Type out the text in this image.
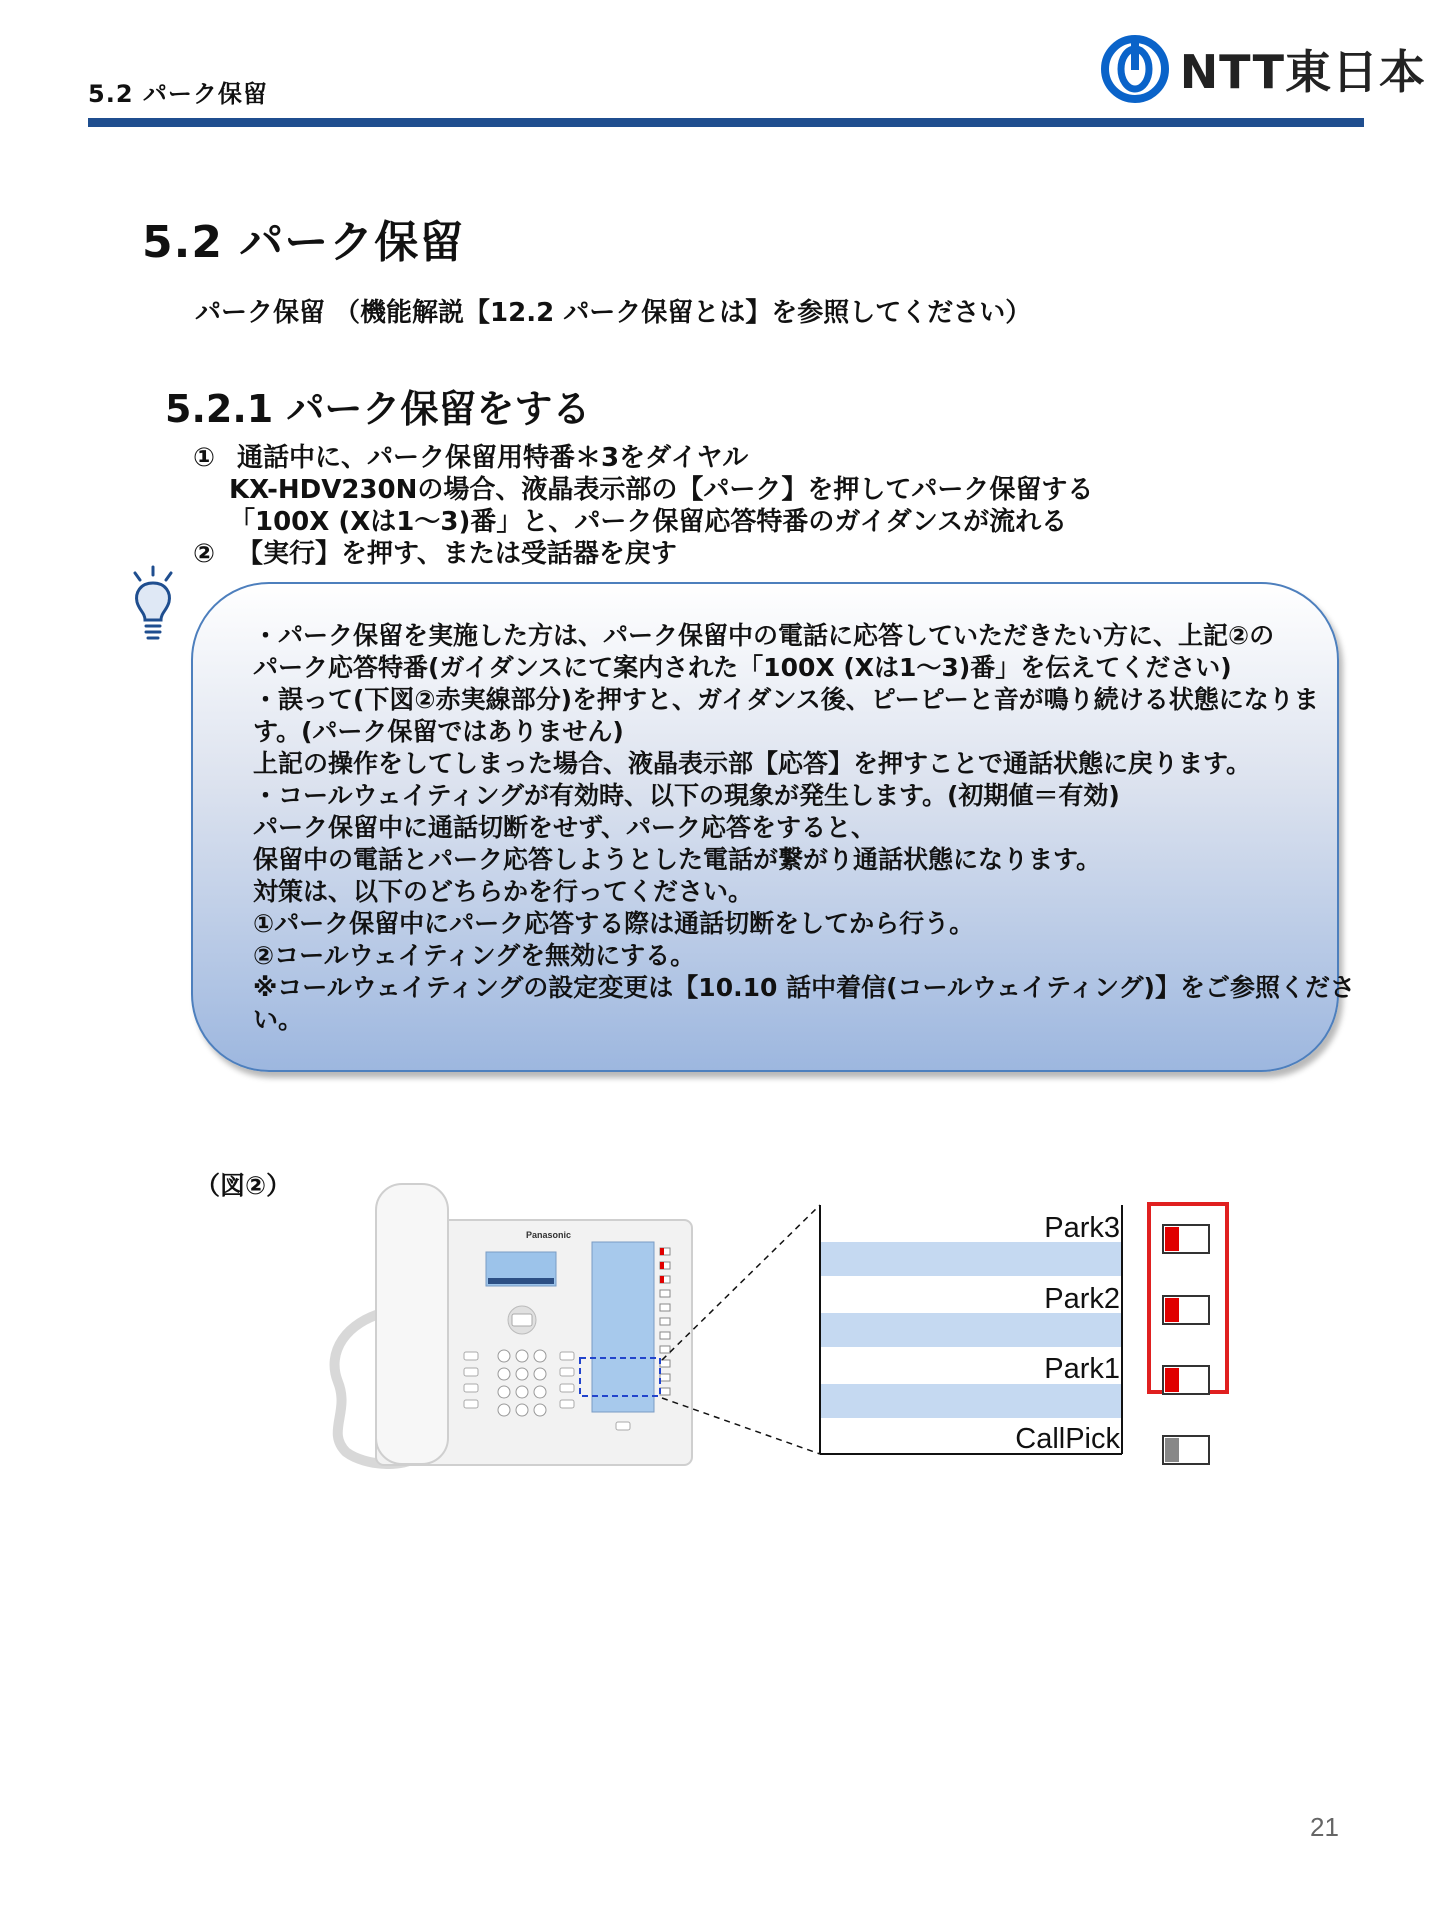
5.2 パーク保留	NTT東日本
5.2 パーク保留
パーク保留 （機能解説【12.2 パーク保留とは】を参照してください）
5.2.1 パーク保留をする
① 通話中に、パーク保留用特番＊3をダイヤル
KX-HDV230Nの場合、液晶表示部の【パーク】を押してパーク保留する
「100X (Xは1～3)番」と、パーク保留応答特番のガイダンスが流れる
② 【実行】を押す、または受話器を戻す
・パーク保留を実施した方は、パーク保留中の電話に応答していただきたい方に、上記②の
パーク応答特番(ガイダンスにて案内された「100X (Xは1～3)番」を伝えてください)
・誤って(下図②赤実線部分)を押すと、ガイダンス後、ピーピーと音が鳴り続ける状態になりま
す。(パーク保留ではありません)
上記の操作をしてしまった場合、液晶表示部【応答】を押すことで通話状態に戻ります。
・コールウェイティングが有効時、以下の現象が発生します。(初期値＝有効)
パーク保留中に通話切断をせず、パーク応答をすると、
保留中の電話とパーク応答しようとした電話が繋がり通話状態になります。
対策は、以下のどちらかを行ってください。
①パーク保留中にパーク応答する際は通話切断をしてから行う。
②コールウェイティングを無効にする。
※コールウェイティングの設定変更は【10.10 話中着信(コールウェイティング)】をご参照くださ
い。
（図②）
Panasonic	Park3
Park2
Park1
CallPick
21
